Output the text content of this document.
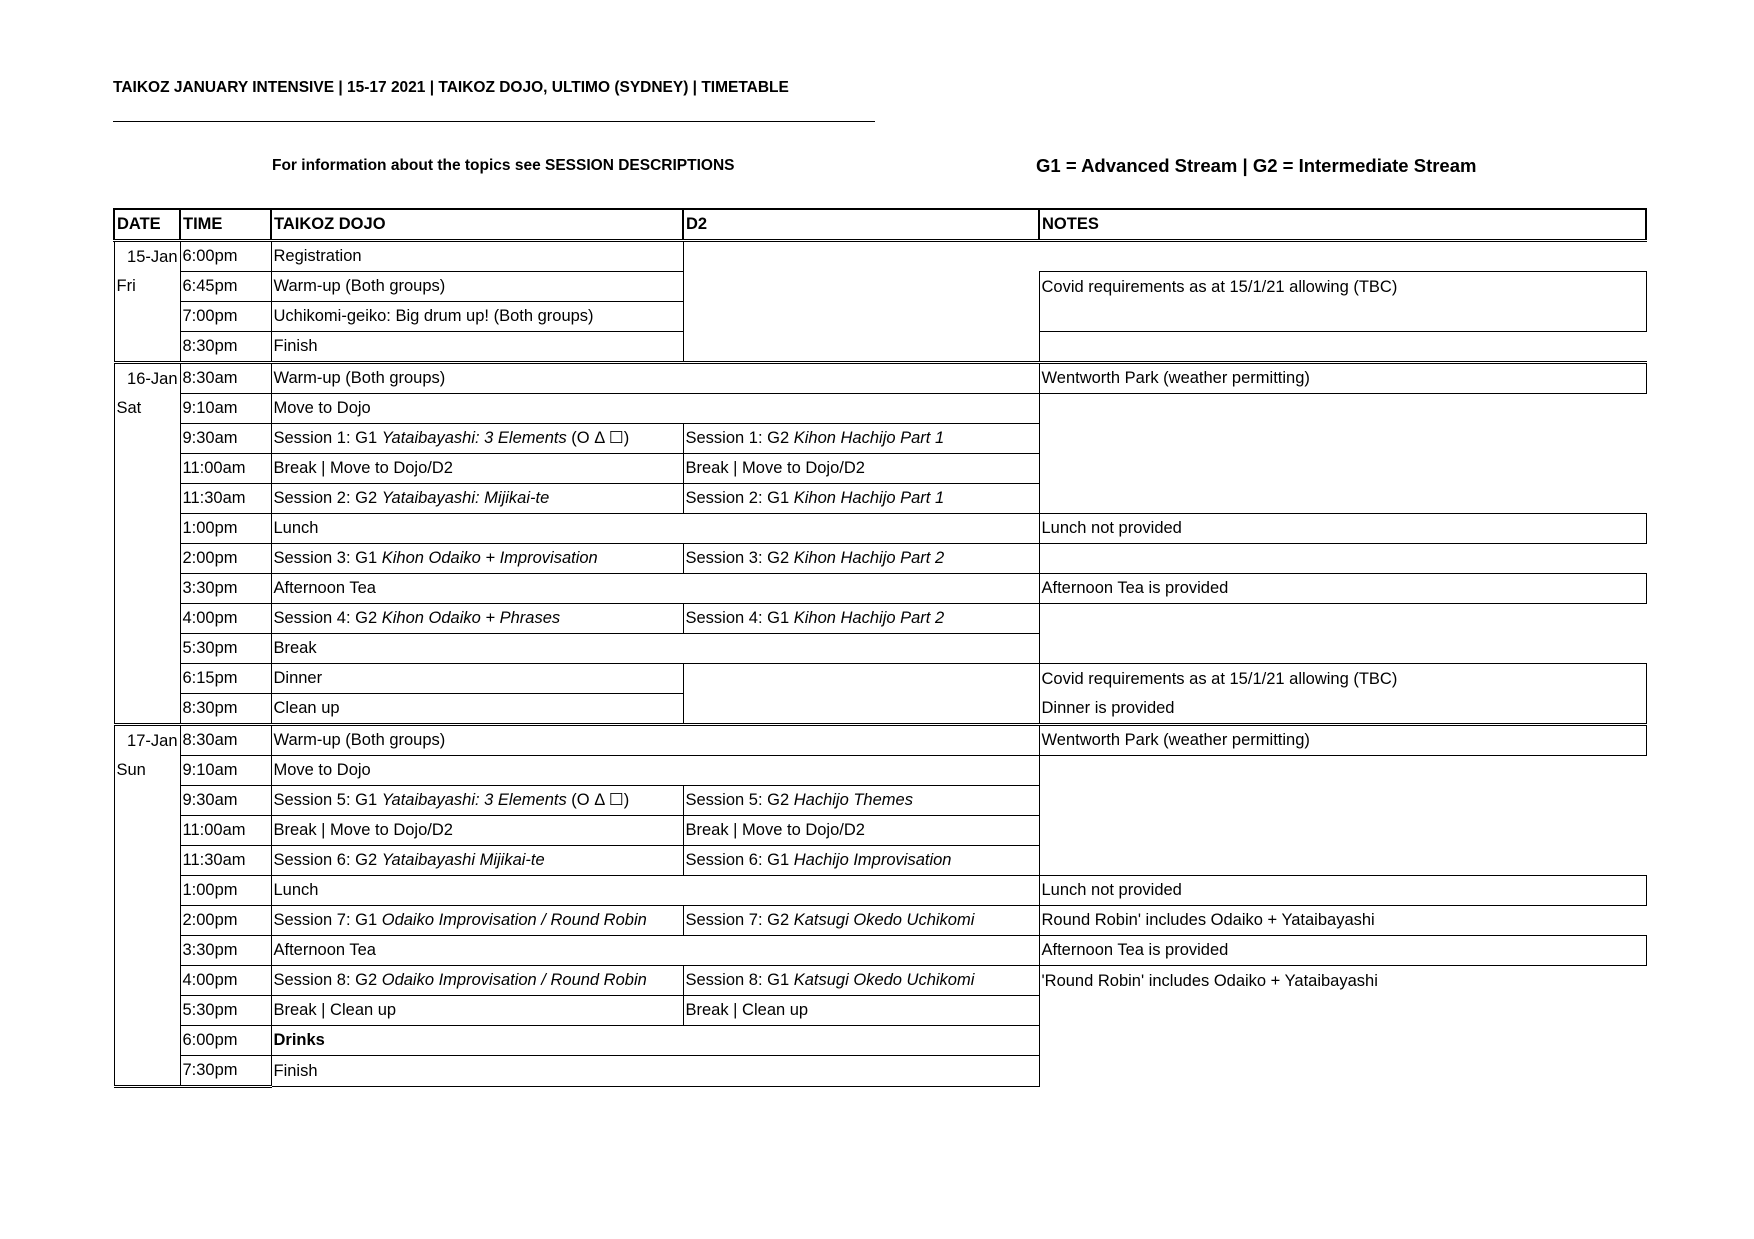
TAIKOZ JANUARY INTENSIVE | 15-17 2021 | TAIKOZ DOJO, ULTIMO (SYDNEY) | TIMETABLE
For information about the topics see SESSION DESCRIPTIONS	G1 = Advanced Stream | G2 = Intermediate Stream
DATE	TIME	TAIKOZ DOJO	D2	NOTES
15-Jan	6:00pm	Registration		
Fri	6:45pm	Warm-up (Both groups)		Covid requirements as at 15/1/21 allowing (TBC)
	7:00pm	Uchikomi-geiko: Big drum up! (Both groups)		
	8:30pm	Finish		
16-Jan	8:30am	Warm-up (Both groups)		Wentworth Park (weather permitting)
Sat	9:10am	Move to Dojo		
	9:30am	Session 1: G1 Yataibayashi: 3 Elements (O Δ ☐)	Session 1: G2 Kihon Hachijo Part 1	
	11:00am	Break | Move to Dojo/D2	Break | Move to Dojo/D2	
	11:30am	Session 2: G2 Yataibayashi: Mijikai-te	Session 2: G1 Kihon Hachijo Part 1	
	1:00pm	Lunch		Lunch not provided
	2:00pm	Session 3: G1 Kihon Odaiko + Improvisation	Session 3: G2 Kihon Hachijo Part 2	
	3:30pm	Afternoon Tea		Afternoon Tea is provided
	4:00pm	Session 4: G2 Kihon Odaiko + Phrases	Session 4: G1 Kihon Hachijo Part 2	
	5:30pm	Break		
	6:15pm	Dinner		Covid requirements as at 15/1/21 allowing (TBC)
	8:30pm	Clean up		Dinner is provided
17-Jan	8:30am	Warm-up (Both groups)		Wentworth Park (weather permitting)
Sun	9:10am	Move to Dojo		
	9:30am	Session 5: G1 Yataibayashi: 3 Elements (O Δ ☐)	Session 5: G2 Hachijo Themes	
	11:00am	Break | Move to Dojo/D2	Break | Move to Dojo/D2	
	11:30am	Session 6: G2 Yataibayashi Mijikai-te	Session 6: G1 Hachijo Improvisation	
	1:00pm	Lunch		Lunch not provided
	2:00pm	Session 7: G1 Odaiko Improvisation / Round Robin	Session 7: G2 Katsugi Okedo Uchikomi	Round Robin' includes Odaiko + Yataibayashi
	3:30pm	Afternoon Tea		Afternoon Tea is provided
	4:00pm	Session 8: G2 Odaiko Improvisation / Round Robin	Session 8: G1 Katsugi Okedo Uchikomi	'Round Robin' includes Odaiko + Yataibayashi
	5:30pm	Break | Clean up	Break | Clean up	
	6:00pm	Drinks		
	7:30pm	Finish		
